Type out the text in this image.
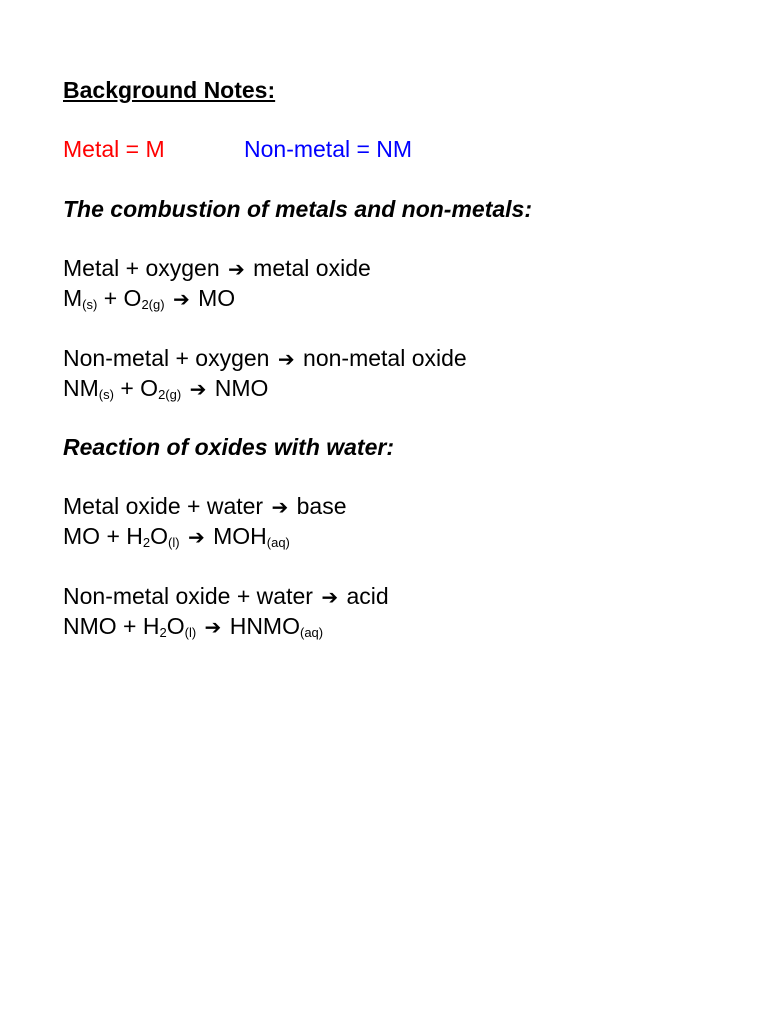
Background Notes:
Metal = M	Non-metal = NM
The combustion of metals and non-metals:
Metal + oxygen ➔ metal oxide
$M_{(s)} + O_{2(g)}$ ➔ MO
Non-metal + oxygen ➔ non-metal oxide
$NM_{(s)} + O_{2(g)}$ ➔ NMO
Reaction of oxides with water:
Metal oxide + water ➔ base
MO + $H_2O_{(l)}$ ➔ $MOH_{(aq)}$
Non-metal oxide + water ➔ acid
NMO + $H_2O_{(l)}$ ➔ $HNMO_{(aq)}$
